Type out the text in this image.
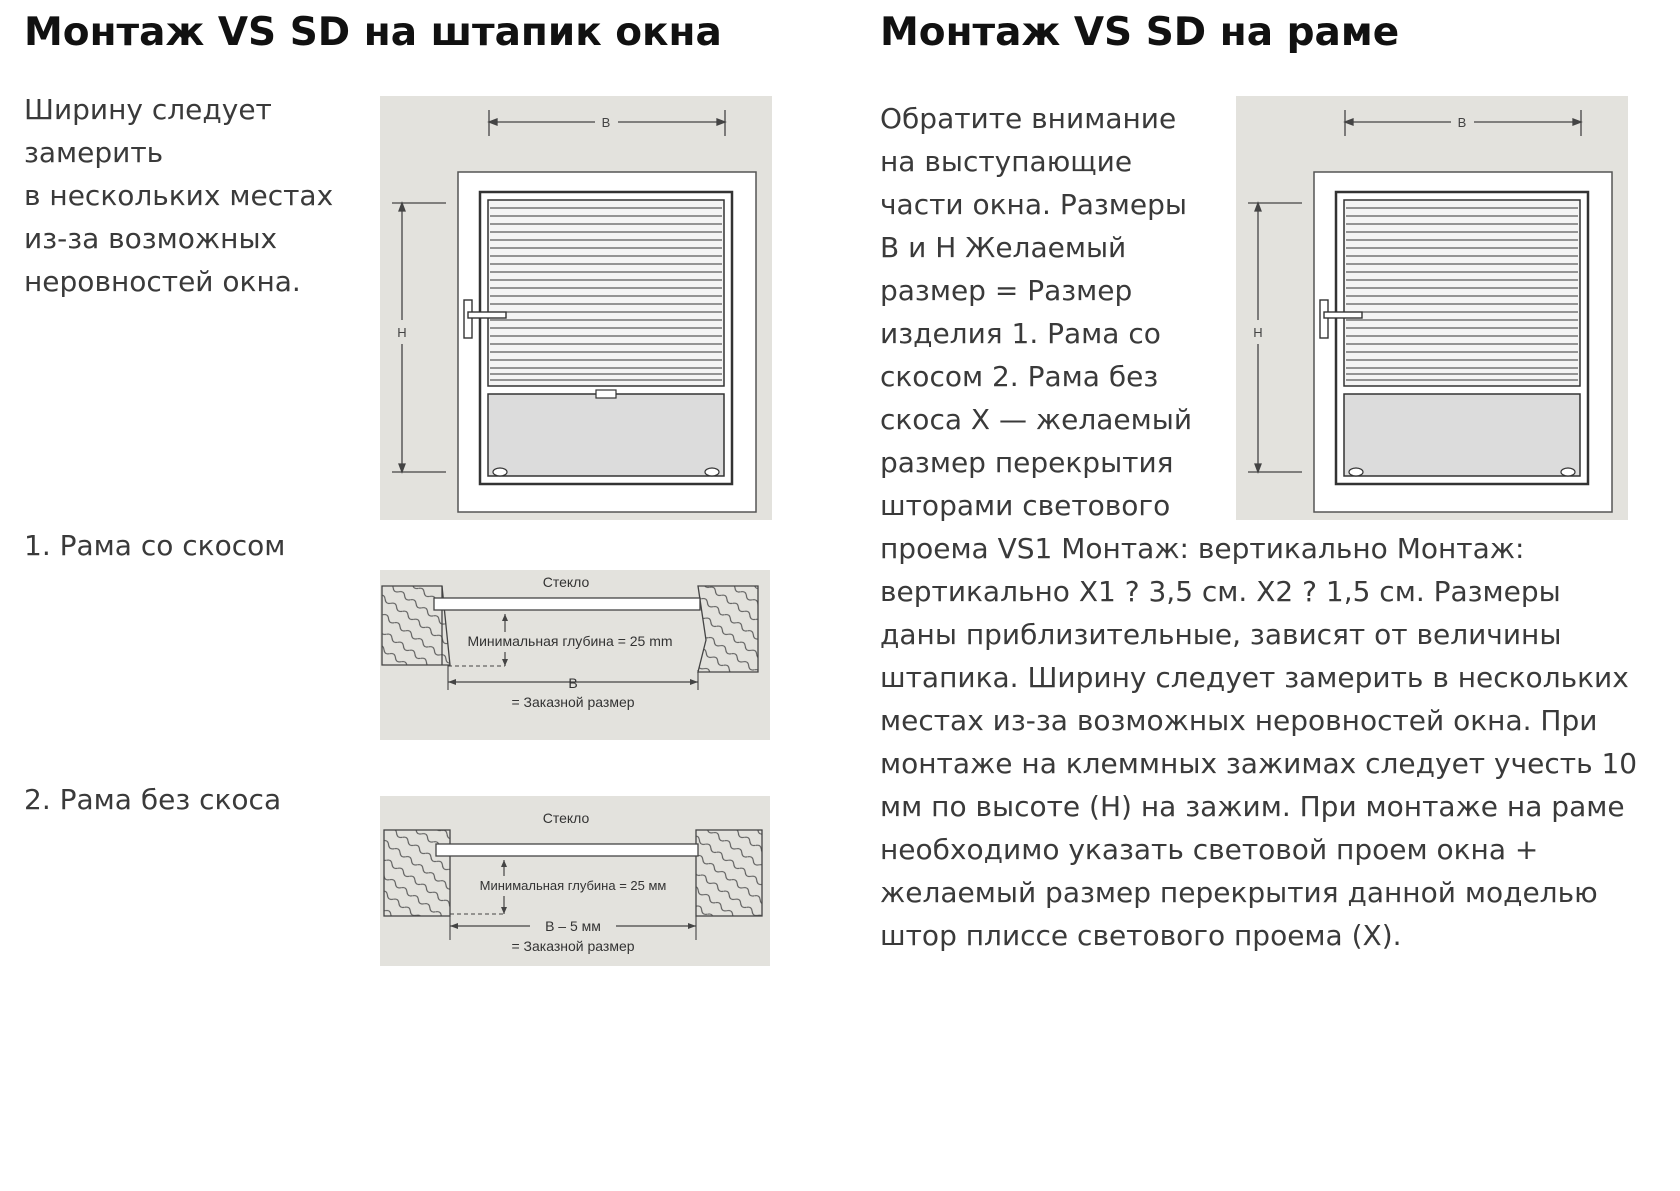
Монтаж VS SD на штапик окна
Ширину следует
замерить
в нескольких местах
из-за возможных
неровностей окна.
1. Рама со скосом
2. Рама без скоса
B
H
Стекло
Минимальная глубина = 25 mm
B
= Заказной размер
Стекло
Минимальная глубина = 25 мм
B – 5 мм
= Заказной размер
Монтаж VS SD на раме
Обратите внимание
на выступающие
части окна. Размеры
B и H Желаемый
размер = Размер
изделия 1. Рама со
скосом 2. Рама без
скоса X — желаемый
размер перекрытия
шторами светового
проема VS1 Монтаж: вертикально Монтаж:
вертикально X1 ? 3,5 см. X2 ? 1,5 см. Размеры
даны приблизительные, зависят от величины
штапика. Ширину следует замерить в нескольких
местах из-за возможных неровностей окна. При
монтаже на клеммных зажимах следует учесть 10
мм по высоте (H) на зажим. При монтаже на раме
необходимо указать световой проем окна +
желаемый размер перекрытия данной моделью
штор плиссе светового проема (X).
B
H
